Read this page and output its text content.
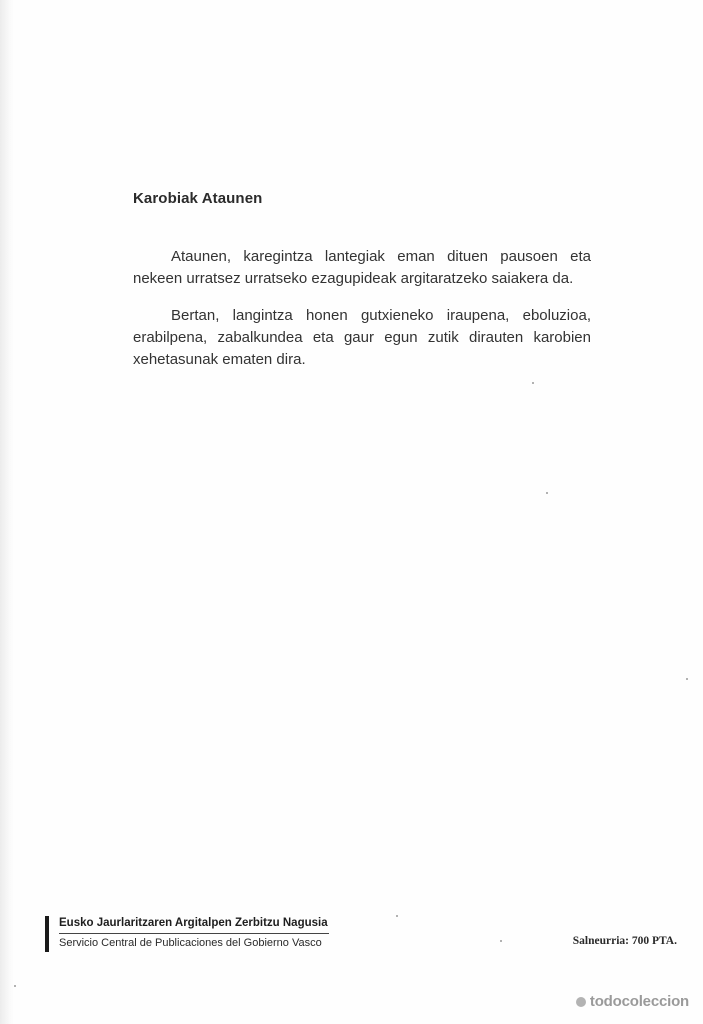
Karobiak Ataunen

Ataunen, karegintza lantegiak eman dituen pausoen eta nekeen urratsez urratseko ezagupideak argitaratzeko saiakera da.

Bertan, langintza honen gutxieneko iraupena, eboluzioa, erabilpena, zabalkundea eta gaur egun zutik dirauten karobien xehetasunak ematen dira.

Eusko Jaurlaritzaren Argitalpen Zerbitzu Nagusia
Servicio Central de Publicaciones del Gobierno Vasco	Salneurria: 700 PTA.
todocoleccion
